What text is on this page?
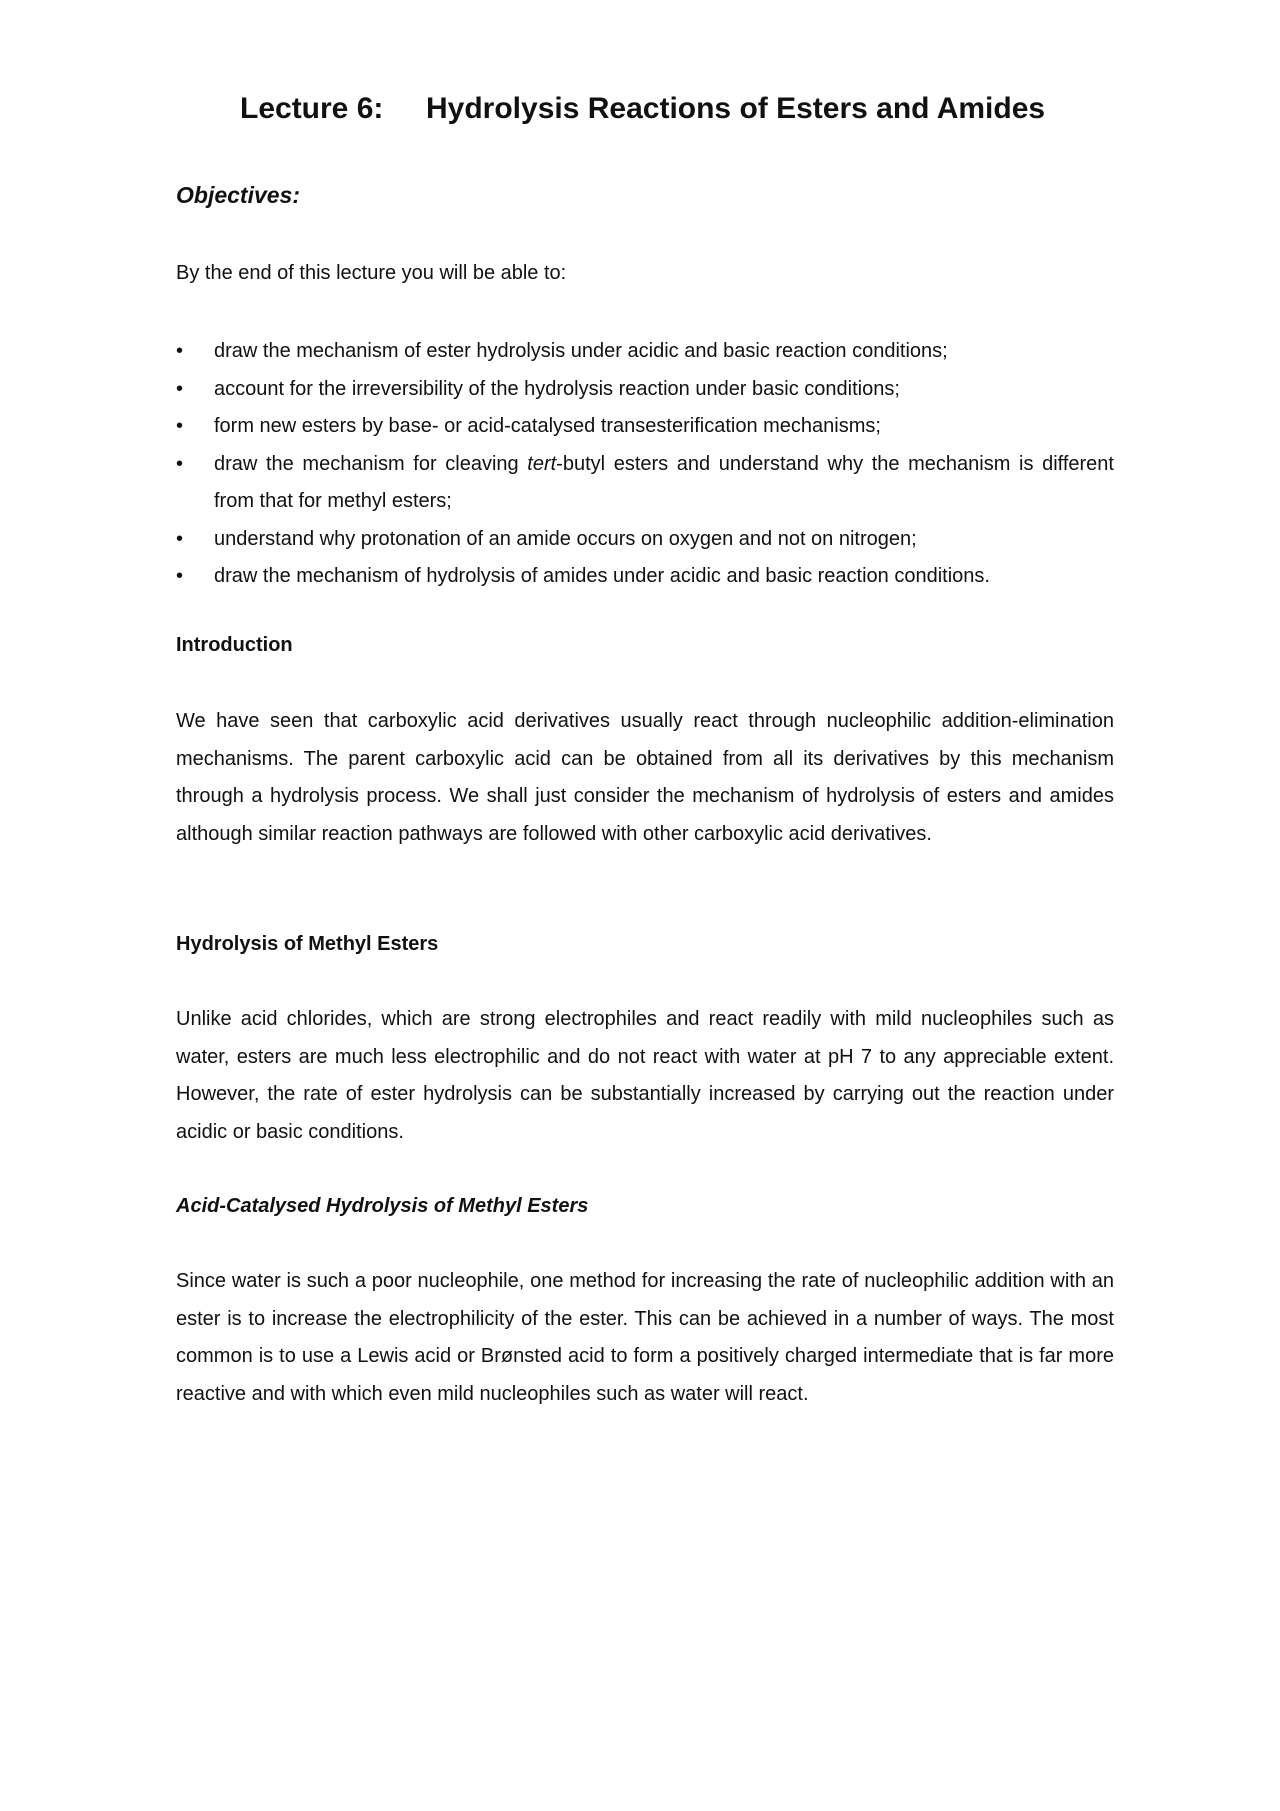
Lecture 6: Hydrolysis Reactions of Esters and Amides
Objectives:

By the end of this lecture you will be able to:

• draw the mechanism of ester hydrolysis under acidic and basic reaction conditions;
• account for the irreversibility of the hydrolysis reaction under basic conditions;
• form new esters by base- or acid-catalysed transesterification mechanisms;
• draw the mechanism for cleaving tert-butyl esters and understand why the mechanism is different from that for methyl esters;
• understand why protonation of an amide occurs on oxygen and not on nitrogen;
• draw the mechanism of hydrolysis of amides under acidic and basic reaction conditions.
Introduction

We have seen that carboxylic acid derivatives usually react through nucleophilic addition-elimination mechanisms. The parent carboxylic acid can be obtained from all its derivatives by this mechanism through a hydrolysis process. We shall just consider the mechanism of hydrolysis of esters and amides although similar reaction pathways are followed with other carboxylic acid derivatives.

Hydrolysis of Methyl Esters

Unlike acid chlorides, which are strong electrophiles and react readily with mild nucleophiles such as water, esters are much less electrophilic and do not react with water at pH 7 to any appreciable extent. However, the rate of ester hydrolysis can be substantially increased by carrying out the reaction under acidic or basic conditions.

Acid-Catalysed Hydrolysis of Methyl Esters

Since water is such a poor nucleophile, one method for increasing the rate of nucleophilic addition with an ester is to increase the electrophilicity of the ester. This can be achieved in a number of ways. The most common is to use a Lewis acid or Brønsted acid to form a positively charged intermediate that is far more reactive and with which even mild nucleophiles such as water will react.
